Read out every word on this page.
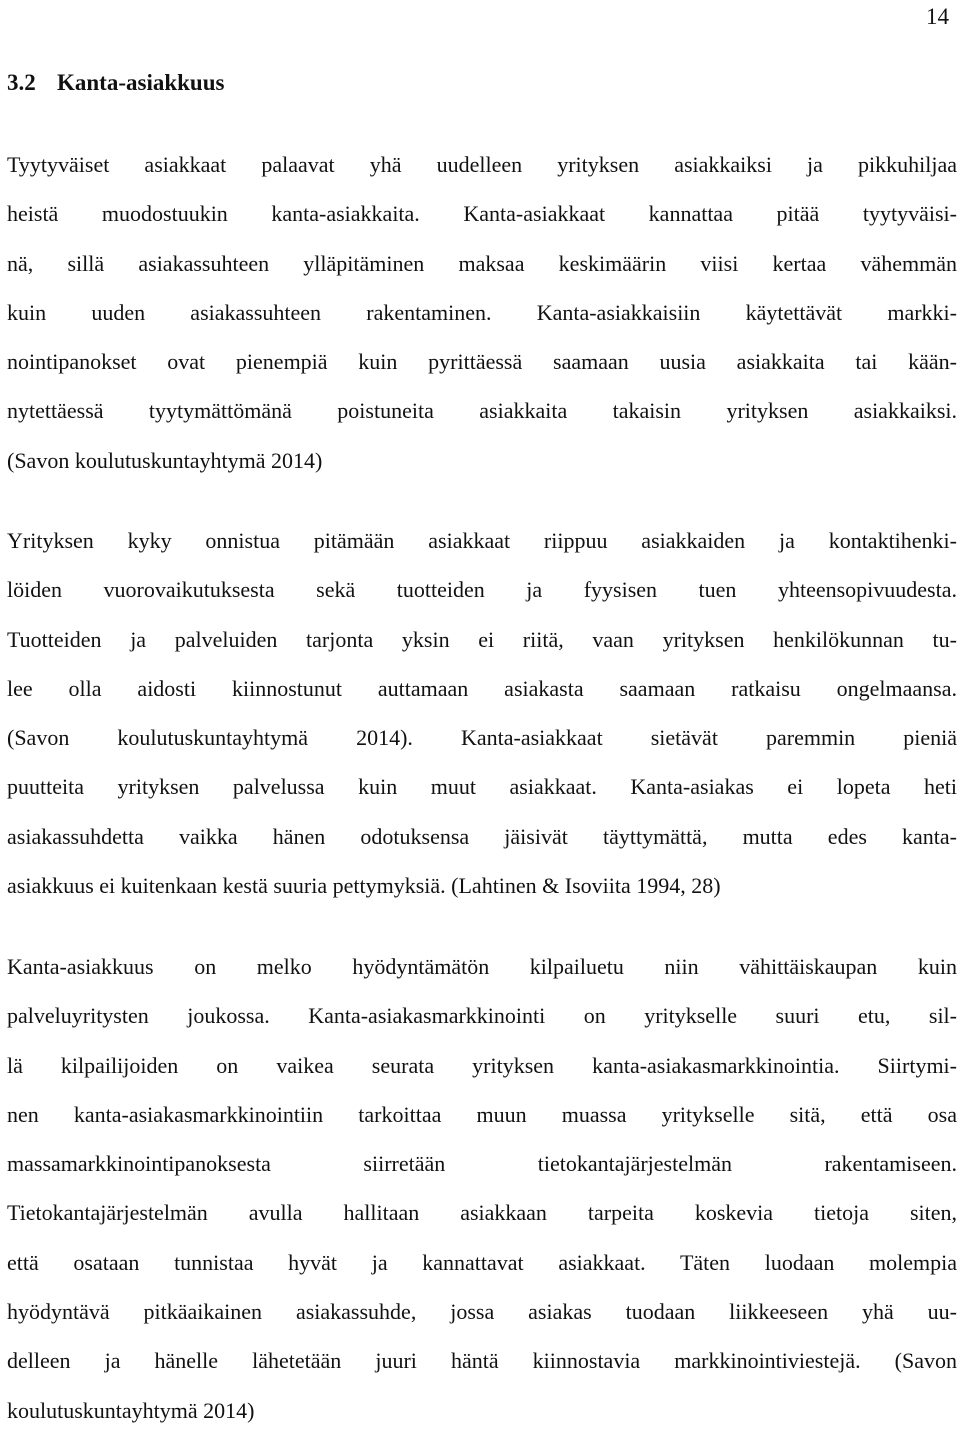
14
3.2 Kanta-asiakkuus
Tyytyväiset asiakkaat palaavat yhä uudelleen yrityksen asiakkaiksi ja pikkuhiljaa
heistä muodostuukin kanta-asiakkaita. Kanta-asiakkaat kannattaa pitää tyytyväisi-
nä, sillä asiakassuhteen ylläpitäminen maksaa keskimäärin viisi kertaa vähemmän
kuin uuden asiakassuhteen rakentaminen. Kanta-asiakkaisiin käytettävät markki-
nointipanokset ovat pienempiä kuin pyrittäessä saamaan uusia asiakkaita tai kään-
nytettäessä tyytymättömänä poistuneita asiakkaita takaisin yrityksen asiakkaiksi.
(Savon koulutuskuntayhtymä 2014)
Yrityksen kyky onnistua pitämään asiakkaat riippuu asiakkaiden ja kontaktihenki-
löiden vuorovaikutuksesta sekä tuotteiden ja fyysisen tuen yhteensopivuudesta.
Tuotteiden ja palveluiden tarjonta yksin ei riitä, vaan yrityksen henkilökunnan tu-
lee olla aidosti kiinnostunut auttamaan asiakasta saamaan ratkaisu ongelmaansa.
(Savon koulutuskuntayhtymä 2014). Kanta-asiakkaat sietävät paremmin pieniä
puutteita yrityksen palvelussa kuin muut asiakkaat. Kanta-asiakas ei lopeta heti
asiakassuhdetta vaikka hänen odotuksensa jäisivät täyttymättä, mutta edes kanta-
asiakkuus ei kuitenkaan kestä suuria pettymyksiä. (Lahtinen & Isoviita 1994, 28)
Kanta-asiakkuus on melko hyödyntämätön kilpailuetu niin vähittäiskaupan kuin
palveluyritysten joukossa. Kanta-asiakasmarkkinointi on yritykselle suuri etu, sil-
lä kilpailijoiden on vaikea seurata yrityksen kanta-asiakasmarkkinointia. Siirtymi-
nen kanta-asiakasmarkkinointiin tarkoittaa muun muassa yritykselle sitä, että osa
massamarkkinointipanoksesta siirretään tietokantajärjestelmän rakentamiseen.
Tietokantajärjestelmän avulla hallitaan asiakkaan tarpeita koskevia tietoja siten,
että osataan tunnistaa hyvät ja kannattavat asiakkaat. Täten luodaan molempia
hyödyntävä pitkäaikainen asiakassuhde, jossa asiakas tuodaan liikkeeseen yhä uu-
delleen ja hänelle lähetetään juuri häntä kiinnostavia markkinointiviestejä. (Savon
koulutuskuntayhtymä 2014)
